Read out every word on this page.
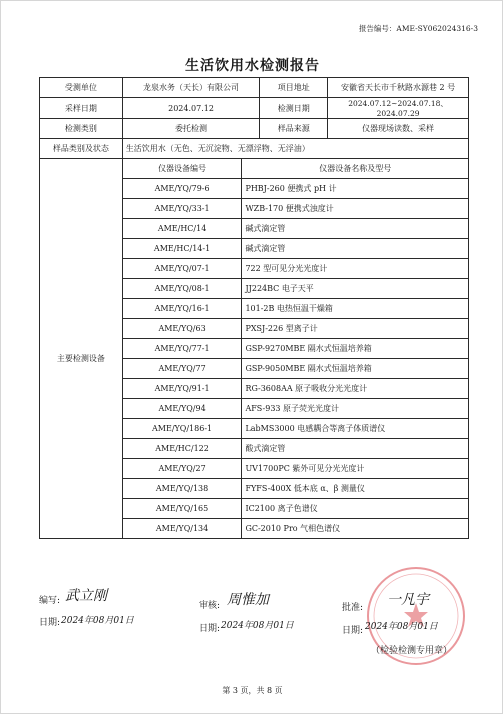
报告编号：AME-SY062024316-3
生活饮用水检测报告
受测单位	龙泉水务（天长）有限公司		项目地址	安徽省天长市千秋路水源巷 2 号
采样日期	2024.07.12		检测日期	2024.07.12~2024.07.18、2024.07.29
检测类别	委托检测		样品来源	仪器现场读数、采样
样品类别及状态	生活饮用水（无色、无沉淀物、无漂浮物、无浮油）			
	仪器设备编号	仪器设备名称及型号		
主要检测设备	AME/YQ/79-6	PHBJ-260 便携式 pH 计		
	AME/YQ/33-1	WZB-170 便携式浊度计		
	AME/HC/14	碱式滴定管		
	AME/HC/14-1	碱式滴定管		
	AME/YQ/07-1	722 型可见分光光度计		
	AME/YQ/08-1	JJ224BC 电子天平		
	AME/YQ/16-1	101-2B 电热恒温干燥箱		
	AME/YQ/63	PXSJ-226 型离子计		
	AME/YQ/77-1	GSP-9270MBE 隔水式恒温培养箱		
	AME/YQ/77	GSP-9050MBE 隔水式恒温培养箱		
	AME/YQ/91-1	RG-3608AA 原子吸收分光光度计		
	AME/YQ/94	AFS-933 原子荧光光度计		
	AME/YQ/186-1	LabMS3000 电感耦合等离子体质谱仪		
	AME/HC/122	酸式滴定管		
	AME/YQ/27	UV1700PC 紫外可见分光光度计		
	AME/YQ/138	FYFS-400X 低本底 α、β 测量仪		
	AME/YQ/165	IC2100 离子色谱仪		
	AME/YQ/134	GC-2010 Pro 气相色谱仪		
编写: 武立刚
日期: 2024年08月01日
审核: 周惟加
日期: 2024年08月01日
批准: 一凡宇
日期: 2024年08月01日
（检验检测专用章）
第 3 页，共 8 页
